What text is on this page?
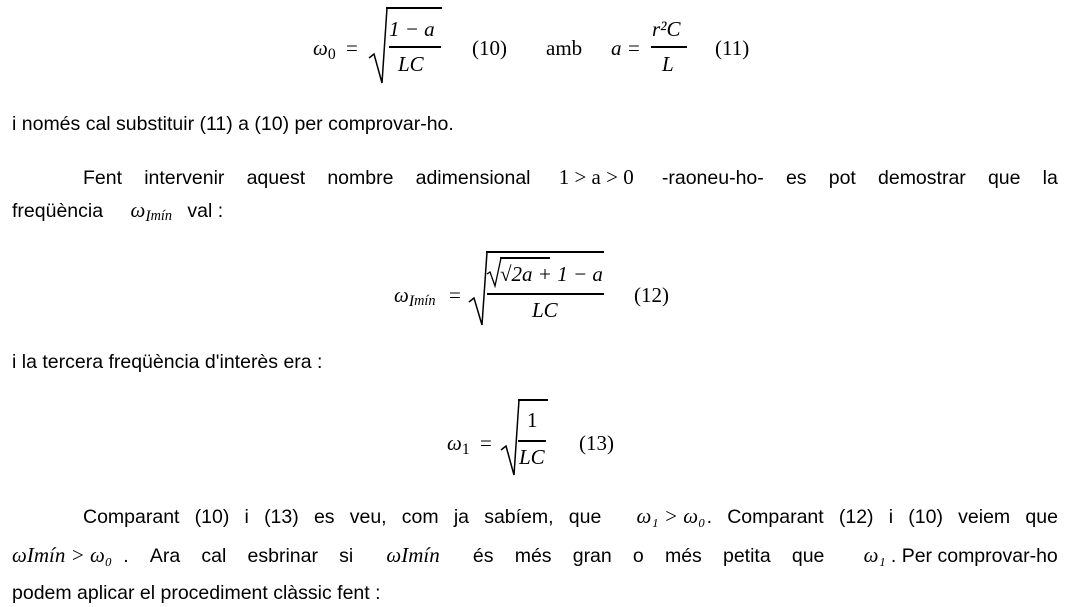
ω0 =
1 − a
LC
(10) amb a =
r²C
L
(11)
i només cal substituir (11) a (10) per comprovar-ho.
Fent intervenir aquest nombre adimensional 1 > a > 0	-raoneu-ho- es pot demostrar que la
freqüència ωImín val :
ωImín =
√2a + 1 − a
LC
(12)
i la tercera freqüència d'interès era :
ω1 =
1
LC
(13)
Comparant (10) i (13) es veu, com ja sabíem, que	ω₁ > ω₀ . Comparant (12) i (10) veiem que
ωImín > ω₀ . Ara cal esbrinar si	ωImín	és més gran o més petita que	ω₁ . Per comprovar-ho
podem aplicar el procediment clàssic fent :
